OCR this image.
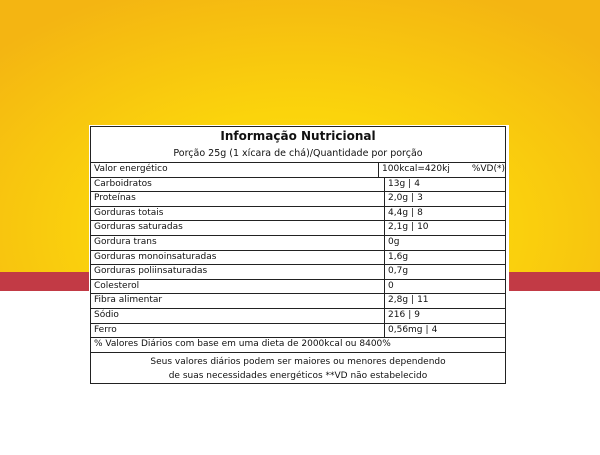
Informação Nutricional
Porção 25g (1 xícara de chá)/Quantidade por porção
Valor energético	100kcal=420kj %VD(*)
Carboidratos	13g | 4
Proteínas	2,0g | 3
Gorduras totais	4,4g | 8
Gorduras saturadas	2,1g | 10
Gordura trans	0g
Gorduras monoinsaturadas	1,6g
Gorduras poliinsaturadas	0,7g
Colesterol	0
Fibra alimentar	2,8g | 11
Sódio	216 | 9
Ferro	0,56mg | 4
% Valores Diários com base em uma dieta de 2000kcal ou 8400%
Seus valores diários podem ser maiores ou menores dependendo
de suas necessidades energéticos **VD não estabelecido
